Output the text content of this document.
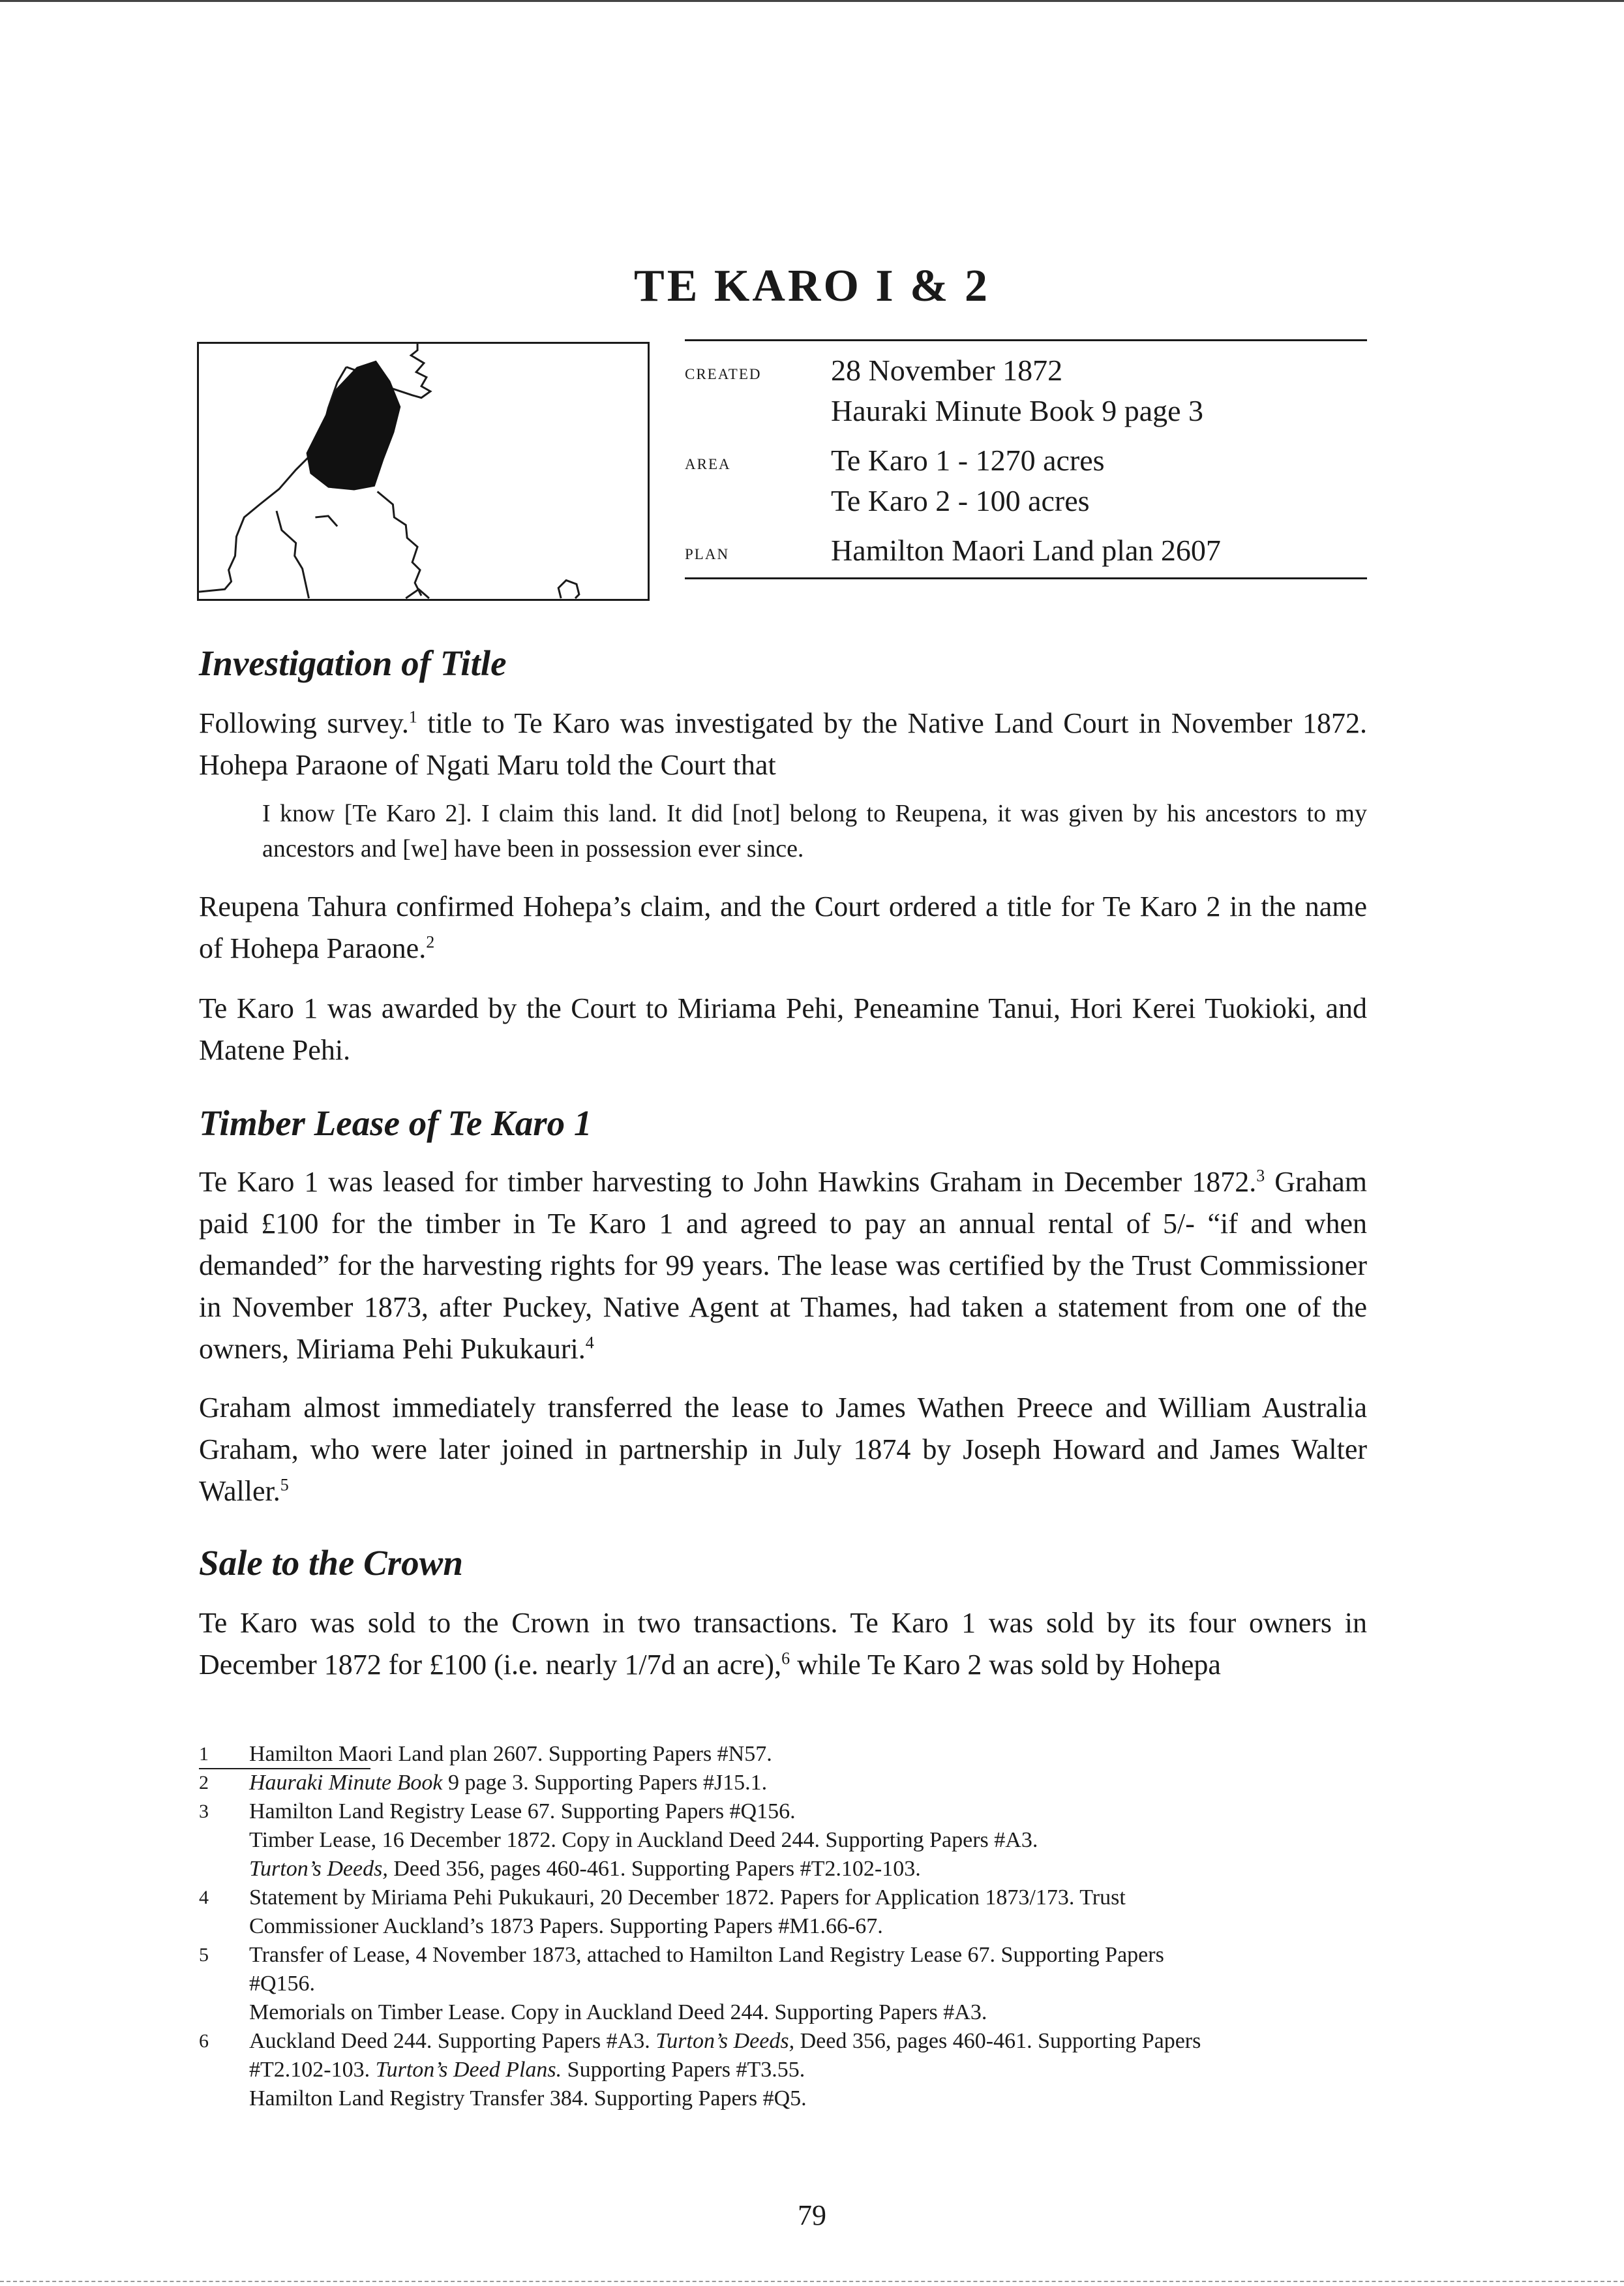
TE KARO I & 2
created	28 November 1872
Hauraki Minute Book 9 page 3
area	Te Karo 1 - 1270 acres
Te Karo 2 - 100 acres
plan	Hamilton Maori Land plan 2607
Investigation of Title

Following survey.$^1$ title to Te Karo was investigated by the Native Land Court in November 1872. Hohepa Paraone of Ngati Maru told the Court that

I know [Te Karo 2]. I claim this land. It did [not] belong to Reupena, it was given by his ancestors to my ancestors and [we] have been in possession ever since.

Reupena Tahura confirmed Hohepa’s claim, and the Court ordered a title for Te Karo 2 in the name of Hohepa Paraone.$^2$

Te Karo 1 was awarded by the Court to Miriama Pehi, Peneamine Tanui, Hori Kerei Tuokioki, and Matene Pehi.

Timber Lease of Te Karo 1

Te Karo 1 was leased for timber harvesting to John Hawkins Graham in December 1872.$^3$ Graham paid £100 for the timber in Te Karo 1 and agreed to pay an annual rental of 5/- “if and when demanded” for the harvesting rights for 99 years. The lease was certified by the Trust Commissioner in November 1873, after Puckey, Native Agent at Thames, had taken a statement from one of the owners, Miriama Pehi Pukukauri.$^4$

Graham almost immediately transferred the lease to James Wathen Preece and William Australia Graham, who were later joined in partnership in July 1874 by Joseph Howard and James Walter Waller.$^5$

Sale to the Crown

Te Karo was sold to the Crown in two transactions. Te Karo 1 was sold by its four owners in December 1872 for £100 (i.e. nearly 1/7d an acre),$^6$ while Te Karo 2 was sold by Hohepa

1	Hamilton Maori Land plan 2607. Supporting Papers #N57.
2	Hauraki Minute Book 9 page 3. Supporting Papers #J15.1.
3	Hamilton Land Registry Lease 67. Supporting Papers #Q156.
Timber Lease, 16 December 1872. Copy in Auckland Deed 244. Supporting Papers #A3.
Turton’s Deeds, Deed 356, pages 460-461. Supporting Papers #T2.102-103.
4	Statement by Miriama Pehi Pukukauri, 20 December 1872. Papers for Application 1873/173. Trust
Commissioner Auckland’s 1873 Papers. Supporting Papers #M1.66-67.
5	Transfer of Lease, 4 November 1873, attached to Hamilton Land Registry Lease 67. Supporting Papers
#Q156.
Memorials on Timber Lease. Copy in Auckland Deed 244. Supporting Papers #A3.
6	Auckland Deed 244. Supporting Papers #A3. Turton’s Deeds, Deed 356, pages 460-461. Supporting Papers
#T2.102-103. Turton’s Deed Plans. Supporting Papers #T3.55.
Hamilton Land Registry Transfer 384. Supporting Papers #Q5.
79
